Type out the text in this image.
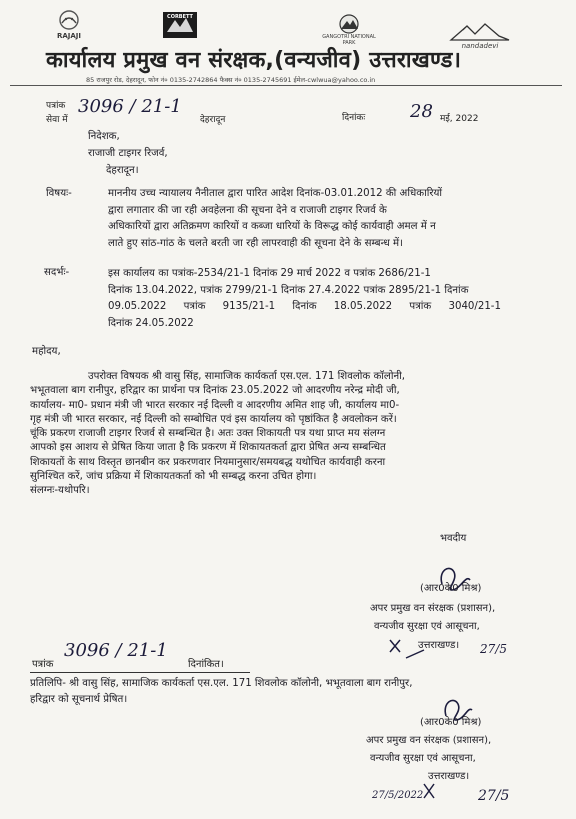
RAJAJI
CORBETT
GANGOTRI NATIONAL PARK	nandadevi
कार्यालय प्रमुख वन संरक्षक,(वन्यजीव) उत्तराखण्ड।
85 राजपुर रोड, देहरादून, फोन नं० 0135-2742864 फैक्स नं० 0135-2745691 ईमेल-cwlwua@yahoo.co.in
पत्रांक
सेवा में
3096 / 21-1
देहरादून	दिनांकः 28 मई, 2022
निदेशक,
राजाजी टाइगर रिजर्व,
देहरादून।
विषयः-	माननीय उच्च न्यायालय नैनीताल द्वारा पारित आदेश दिनांक-03.01.2012 की अधिकारियों
द्वारा लगातार की जा रही अवहेलना की सूचना देने व राजाजी टाइगर रिजर्व के
अधिकारियों द्वारा अतिक्रमण कारियों व कब्जा धारियों के विरूद्ध कोई कार्यवाही अमल में न
लाते हुए सांठ-गांठ के चलते बरती जा रही लापरवाही की सूचना देने के सम्बन्ध में।
सदर्भः-	इस कार्यालय का पत्रांक-2534/21-1 दिनांक 29 मार्च 2022 व पत्रांक 2686/21-1
दिनांक 13.04.2022, पत्रांक 2799/21-1 दिनांक 27.4.2022 पत्रांक 2895/21-1 दिनांक
09.05.2022 पत्रांक 9135/21-1 दिनांक 18.05.2022 पत्रांक 3040/21-1
दिनांक 24.05.2022
महोदय,
उपरोक्त विषयक श्री वासु सिंह, सामाजिक कार्यकर्ता एस.एल. 171 शिवलोक कॉलोनी,
भभूतवाला बाग रानीपुर, हरिद्वार का प्रार्थना पत्र दिनांक 23.05.2022 जो आदरणीय नरेन्द्र मोदी जी,
कार्यालय- मा0- प्रधान मंत्री जी भारत सरकार नई दिल्ली व आदरणीय अमित शाह जी, कार्यालय मा0-
गृह मंत्री जी भारत सरकार, नई दिल्ली को सम्बोधित एवं इस कार्यालय को पृष्ठांकित है अवलोकन करें।
चूंकि प्रकरण राजाजी टाइगर रिजर्व से सम्बन्धित है। अतः उक्त शिकायती पत्र यथा प्राप्त मय संलग्न
आपको इस आशय से प्रेषित किया जाता है कि प्रकरण में शिकायतकर्ता द्वारा प्रेषित अन्य सम्बन्धित
शिकायतों के साथ विस्तृत छानबीन कर प्रकरणवार नियमानुसार/समयबद्ध यथोचित कार्यवाही करना
सुनिश्चित करें, जांच प्रक्रिया में शिकायतकर्ता को भी सम्बद्ध करना उचित होगा।
संलग्नः-यथोपरि।
भवदीय
(आर0के0 मिश्र)
अपर प्रमुख वन संरक्षक (प्रशासन),
वन्यजीव सुरक्षा एवं आसूचना,
उत्तराखण्ड। 27/5
पत्रांक
3096 / 21-1
दिनांकित।
प्रतिलिपि- श्री वासु सिंह, सामाजिक कार्यकर्ता एस.एल. 171 शिवलोक कॉलोनी, भभूतवाला बाग रानीपुर,
हरिद्वार को सूचनार्थ प्रेषित।
(आर0के0 मिश्र)
अपर प्रमुख वन संरक्षक (प्रशासन),
वन्यजीव सुरक्षा एवं आसूचना,
उत्तराखण्ड।
27/5/2022	27/5
